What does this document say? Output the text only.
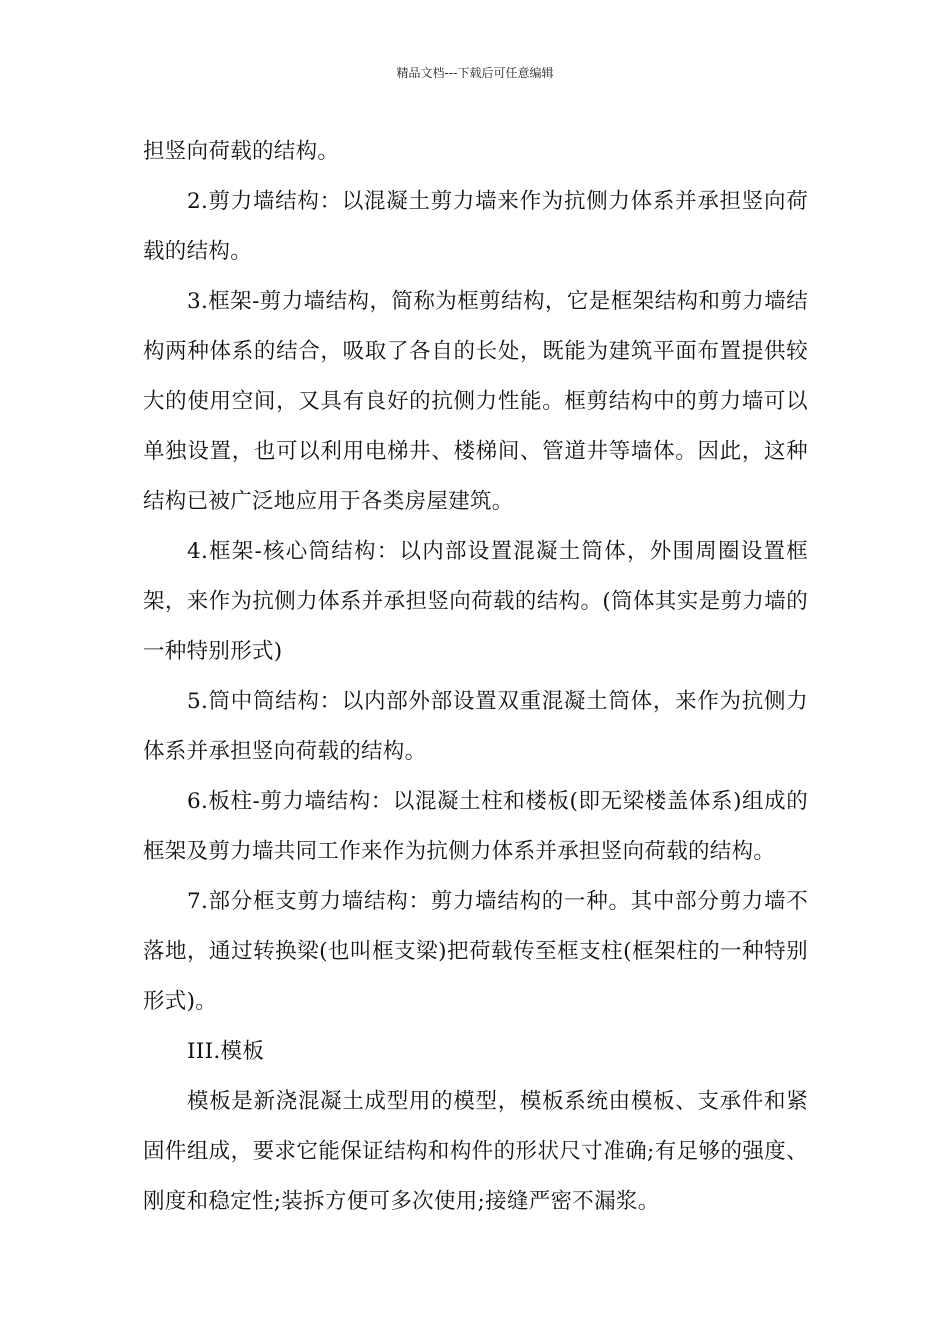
精品文档---下载后可任意编辑

担竖向荷载的结构。

2.剪力墙结构：以混凝土剪力墙来作为抗侧力体系并承担竖向荷载的结构。

3.框架-剪力墙结构，简称为框剪结构，它是框架结构和剪力墙结构两种体系的结合，吸取了各自的长处，既能为建筑平面布置提供较大的使用空间，又具有良好的抗侧力性能。框剪结构中的剪力墙可以单独设置，也可以利用电梯井、楼梯间、管道井等墙体。因此，这种结构已被广泛地应用于各类房屋建筑。

4.框架-核心筒结构：以内部设置混凝土筒体，外围周圈设置框架，来作为抗侧力体系并承担竖向荷载的结构。(筒体其实是剪力墙的一种特别形式)

5.筒中筒结构：以内部外部设置双重混凝土筒体，来作为抗侧力体系并承担竖向荷载的结构。

6.板柱-剪力墙结构：以混凝土柱和楼板(即无梁楼盖体系)组成的框架及剪力墙共同工作来作为抗侧力体系并承担竖向荷载的结构。

7.部分框支剪力墙结构：剪力墙结构的一种。其中部分剪力墙不落地，通过转换梁(也叫框支梁)把荷载传至框支柱(框架柱的一种特别形式)。

III.模板

模板是新浇混凝土成型用的模型，模板系统由模板、支承件和紧固件组成，要求它能保证结构和构件的形状尺寸准确;有足够的强度、刚度和稳定性;装拆方便可多次使用;接缝严密不漏浆。
